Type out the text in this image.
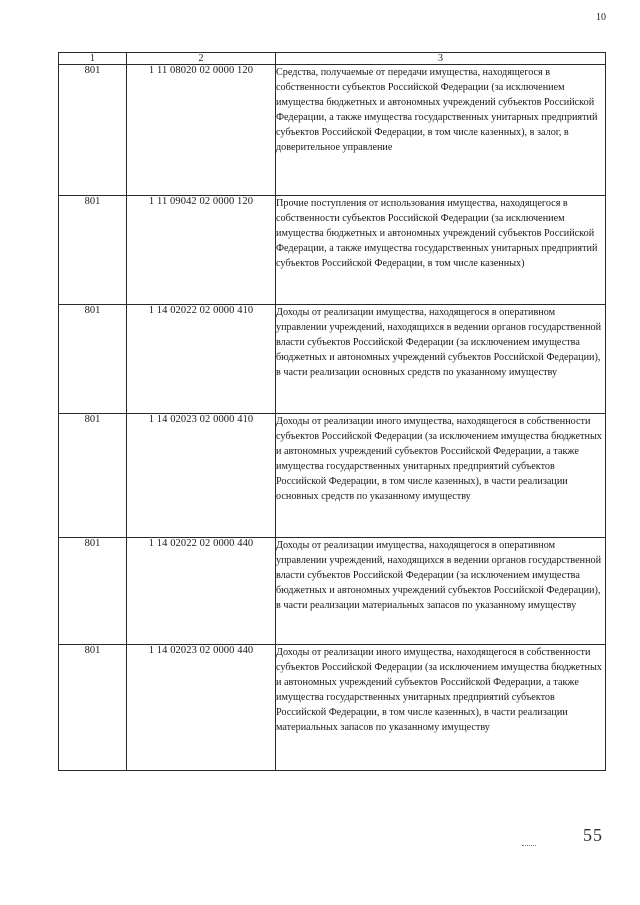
10
1	2	3
801	1 11 08020 02 0000 120	Средства, получаемые от передачи имущества, находящегося в собственности субъектов Российской Федерации (за исключением имущества бюджетных и автономных учреждений субъектов Российской Федерации, а также имущества государственных унитарных предприятий субъектов Российской Федерации, в том числе казенных), в залог, в доверительное управление
801	1 11 09042 02 0000 120	Прочие поступления от использования имущества, находящегося в собственности субъектов Российской Федерации (за исключением имущества бюджетных и автономных учреждений субъектов Российской Федерации, а также имущества государственных унитарных предприятий субъектов Российской Федерации, в том числе казенных)
801	1 14 02022 02 0000 410	Доходы от реализации имущества, находящегося в оперативном управлении учреждений, находящихся в ведении органов государственной власти субъектов Российской Федерации (за исключением имущества бюджетных и автономных учреждений субъектов Российской Федерации), в части реализации основных средств по указанному имуществу
801	1 14 02023 02 0000 410	Доходы от реализации иного имущества, находящегося в собственности субъектов Российской Федерации (за исключением имущества бюджетных и автономных учреждений субъектов Российской Федерации, а также имущества государственных унитарных предприятий субъектов Российской Федерации, в том числе казенных), в части реализации основных средств по указанному имуществу
801	1 14 02022 02 0000 440	Доходы от реализации имущества, находящегося в оперативном управлении учреждений, находящихся в ведении органов государственной власти субъектов Российской Федерации (за исключением имущества бюджетных и автономных учреждений субъектов Российской Федерации), в части реализации материальных запасов по указанному имуществу
801	1 14 02023 02 0000 440	Доходы от реализации иного имущества, находящегося в собственности субъектов Российской Федерации (за исключением имущества бюджетных и автономных учреждений субъектов Российской Федерации, а также имущества государственных унитарных предприятий субъектов Российской Федерации, в том числе казенных), в части реализации материальных запасов по указанному имуществу
55
